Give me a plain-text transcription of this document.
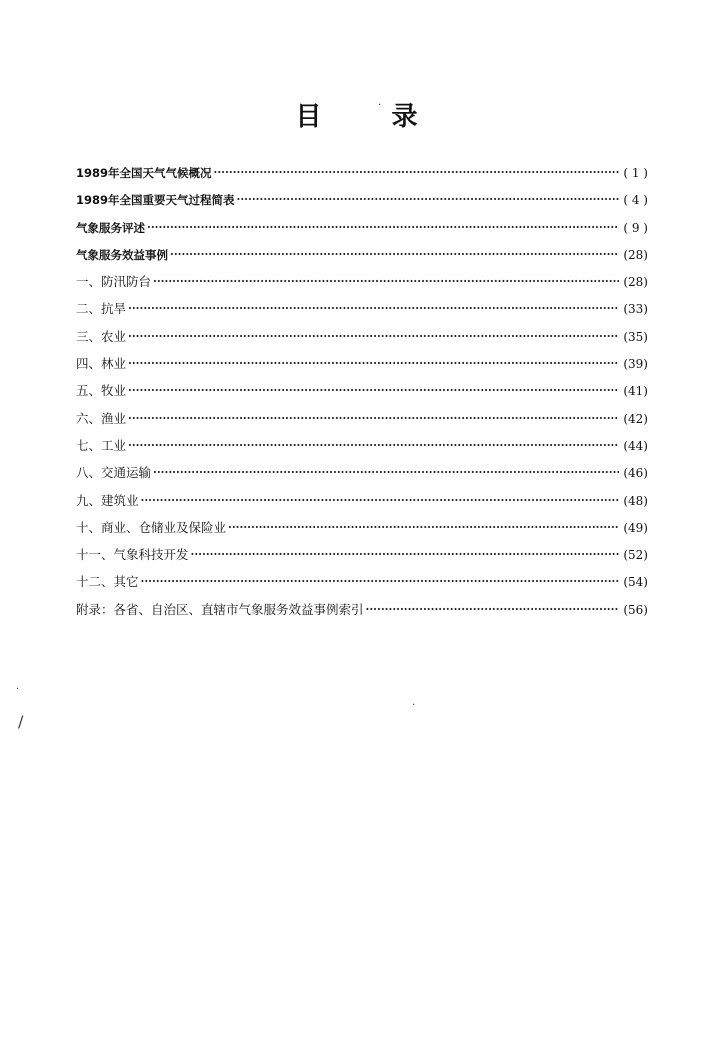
目	录
1989年全国天气气候概况 ·····	( 1 )
1989年全国重要天气过程简表 ·····	( 4 )
气象服务评述 ·····	( 9 )
气象服务效益事例 ·····	(28)
一、防汛防台 ·····	(28)
二、抗旱 ·····	(33)
三、农业 ·····	(35)
四、林业 ·····	(39)
五、牧业 ·····	(41)
六、渔业 ·····	(42)
七、工业 ·····	(44)
八、交通运输 ·····	(46)
九、建筑业 ·····	(48)
十、商业、仓储业及保险业 ·····	(49)
十一、气象科技开发 ·····	(52)
十二、其它 ·····	(54)
附录：各省、自治区、直辖市气象服务效益事例索引 ·····	(56)
·
/
·
·
